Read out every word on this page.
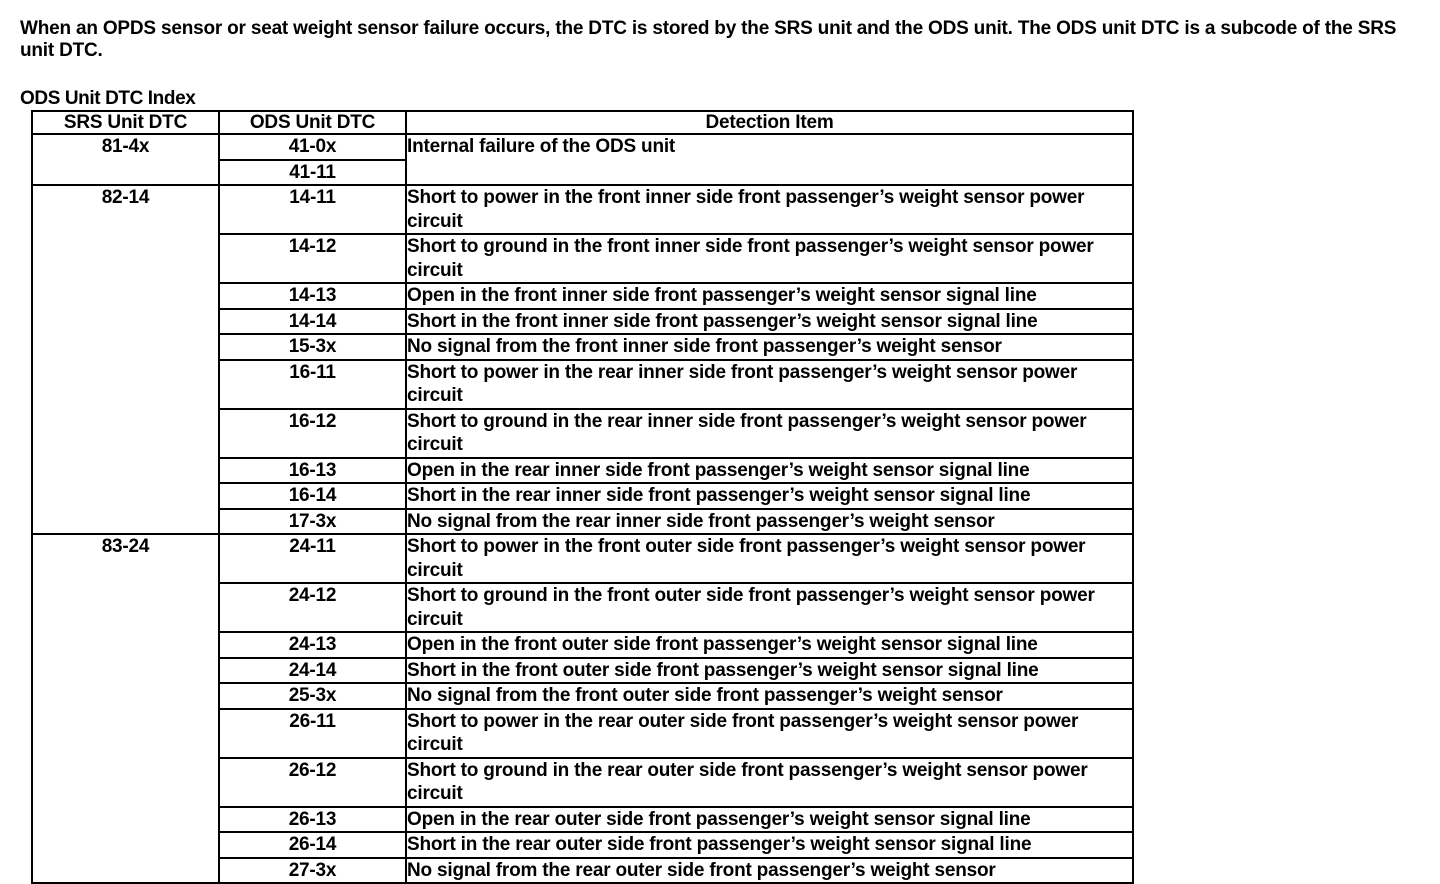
When an OPDS sensor or seat weight sensor failure occurs, the DTC is stored by the SRS unit and the ODS unit. The ODS unit DTC is a subcode of the SRS unit DTC.
ODS Unit DTC Index
SRS Unit DTC	ODS Unit DTC	Detection Item
81-4x	41-0x	Internal failure of the ODS unit
	41-11	
82-14	14-11	Short to power in the front inner side front passenger’s weight sensor power circuit
	14-12	Short to ground in the front inner side front passenger’s weight sensor power circuit
	14-13	Open in the front inner side front passenger’s weight sensor signal line
	14-14	Short in the front inner side front passenger’s weight sensor signal line
	15-3x	No signal from the front inner side front passenger’s weight sensor
	16-11	Short to power in the rear inner side front passenger’s weight sensor power circuit
	16-12	Short to ground in the rear inner side front passenger’s weight sensor power circuit
	16-13	Open in the rear inner side front passenger’s weight sensor signal line
	16-14	Short in the rear inner side front passenger’s weight sensor signal line
	17-3x	No signal from the rear inner side front passenger’s weight sensor
83-24	24-11	Short to power in the front outer side front passenger’s weight sensor power circuit
	24-12	Short to ground in the front outer side front passenger’s weight sensor power circuit
	24-13	Open in the front outer side front passenger’s weight sensor signal line
	24-14	Short in the front outer side front passenger’s weight sensor signal line
	25-3x	No signal from the front outer side front passenger’s weight sensor
	26-11	Short to power in the rear outer side front passenger’s weight sensor power circuit
	26-12	Short to ground in the rear outer side front passenger’s weight sensor power circuit
	26-13	Open in the rear outer side front passenger’s weight sensor signal line
	26-14	Short in the rear outer side front passenger’s weight sensor signal line
	27-3x	No signal from the rear outer side front passenger’s weight sensor
